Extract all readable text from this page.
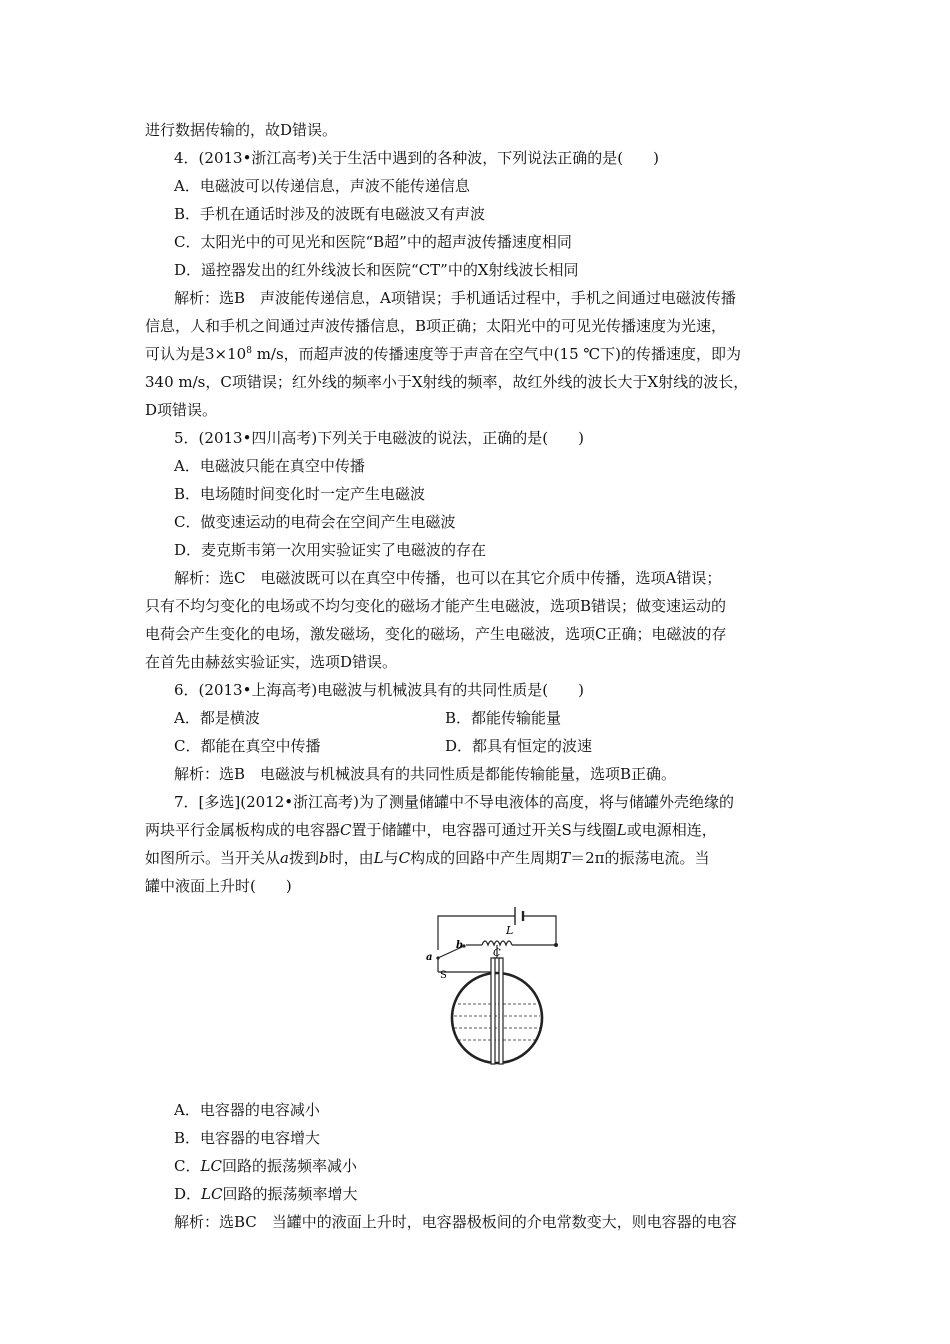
进行数据传输的，故D错误。
4．(2013•浙江高考)关于生活中遇到的各种波，下列说法正确的是(　　)
A．电磁波可以传递信息，声波不能传递信息
B．手机在通话时涉及的波既有电磁波又有声波
C．太阳光中的可见光和医院“B超”中的超声波传播速度相同
D．遥控器发出的红外线波长和医院“CT”中的X射线波长相同
解析：选B　声波能传递信息，A项错误；手机通话过程中，手机之间通过电磁波传播
信息，人和手机之间通过声波传播信息，B项正确；太阳光中的可见光传播速度为光速，
可认为是$3\times 10^8$ m/s，而超声波的传播速度等于声音在空气中(15 ℃下)的传播速度，即为
340 m/s，C项错误；红外线的频率小于X射线的频率，故红外线的波长大于X射线的波长，
D项错误。
5．(2013•四川高考)下列关于电磁波的说法，正确的是(　　)
A．电磁波只能在真空中传播
B．电场随时间变化时一定产生电磁波
C．做变速运动的电荷会在空间产生电磁波
D．麦克斯韦第一次用实验证实了电磁波的存在
解析：选C　电磁波既可以在真空中传播，也可以在其它介质中传播，选项A错误；
只有不均匀变化的电场或不均匀变化的磁场才能产生电磁波，选项B错误；做变速运动的
电荷会产生变化的电场，激发磁场，变化的磁场，产生电磁波，选项C正确；电磁波的存
在首先由赫兹实验证实，选项D错误。
6．(2013•上海高考)电磁波与机械波具有的共同性质是(　　)
A．都是横波	B．都能传输能量
C．都能在真空中传播	D．都具有恒定的波速
解析：选B　电磁波与机械波具有的共同性质是都能传输能量，选项B正确。
7．[多选](2012•浙江高考)为了测量储罐中不导电液体的高度，将与储罐外壳绝缘的
两块平行金属板构成的电容器C置于储罐中，电容器可通过开关S与线圈L或电源相连，
如图所示。当开关从a拨到b时，由L与C构成的回路中产生周期T＝2π的振荡电流。当
罐中液面上升时(　　)
L
b
a
S
C
A．电容器的电容减小
B．电容器的电容增大
C．LC回路的振荡频率减小
D．LC回路的振荡频率增大
解析：选BC　当罐中的液面上升时，电容器极板间的介电常数变大，则电容器的电容
